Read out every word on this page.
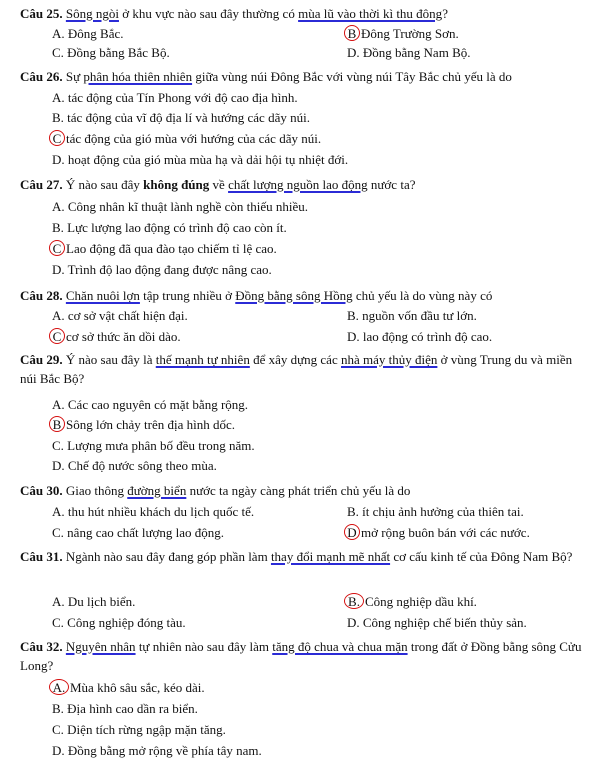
Câu 25. Sông ngòi ở khu vực nào sau đây thường có mùa lũ vào thời kì thu đông?
A. Đông Bắc.	B Đông Trường Sơn.
C. Đồng bằng Bắc Bộ.	D. Đồng bằng Nam Bộ.
Câu 26. Sự phân hóa thiên nhiên giữa vùng núi Đông Bắc với vùng núi Tây Bắc chủ yếu là do
A. tác động của Tín Phong với độ cao địa hình.
B. tác động của vĩ độ địa lí và hướng các dãy núi.
C tác động của gió mùa với hướng của các dãy núi.
D. hoạt động của gió mùa mùa hạ và dải hội tụ nhiệt đới.
Câu 27. Ý nào sau đây không đúng về chất lượng nguồn lao động nước ta?
A. Công nhân kĩ thuật lành nghề còn thiếu nhiều.
B. Lực lượng lao động có trình độ cao còn ít.
C Lao động đã qua đào tạo chiếm tỉ lệ cao.
D. Trình độ lao động đang được nâng cao.
Câu 28. Chăn nuôi lợn tập trung nhiều ở Đồng bằng sông Hồng chủ yếu là do vùng này có
A. cơ sở vật chất hiện đại.	B. nguồn vốn đầu tư lớn.
C cơ sở thức ăn dồi dào.	D. lao động có trình độ cao.
Câu 29. Ý nào sau đây là thế mạnh tự nhiên để xây dựng các nhà máy thủy điện ở vùng Trung du và miền núi Bắc Bộ?
A. Các cao nguyên có mặt bằng rộng.
B Sông lớn chảy trên địa hình dốc.
C. Lượng mưa phân bố đều trong năm.
D. Chế độ nước sông theo mùa.
Câu 30. Giao thông đường biển nước ta ngày càng phát triển chủ yếu là do
A. thu hút nhiều khách du lịch quốc tế.	B. ít chịu ảnh hưởng của thiên tai.
C. nâng cao chất lượng lao động.	D mở rộng buôn bán với các nước.
Câu 31. Ngành nào sau đây đang góp phần làm thay đổi mạnh mẽ nhất cơ cấu kinh tế của Đông Nam Bộ?
A. Du lịch biển.	B. Công nghiệp dầu khí.
C. Công nghiệp đóng tàu.	D. Công nghiệp chế biến thủy sản.
Câu 32. Nguyên nhân tự nhiên nào sau đây làm tăng độ chua và chua mặn trong đất ở Đồng bằng sông Cửu Long?
A. Mùa khô sâu sắc, kéo dài.
B. Địa hình cao dần ra biển.
C. Diện tích rừng ngập mặn tăng.
D. Đồng bằng mở rộng về phía tây nam.
